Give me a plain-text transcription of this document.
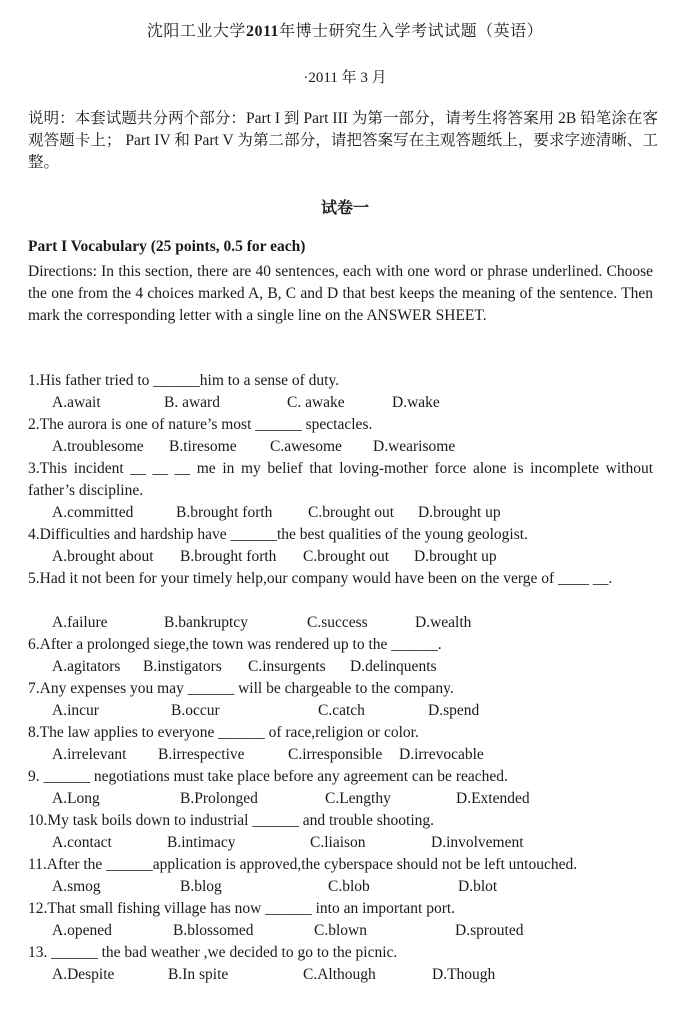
沈阳工业大学2011年博士研究生入学考试试题（英语）
·2011 年 3 月
说明：本套试题共分两个部分：Part I 到 Part III 为第一部分，请考生将答案用 2B 铅笔涂在客观答题卡上； Part IV 和 Part V 为第二部分，请把答案写在主观答题纸上，要求字迹清晰、工整。
试卷一
Part I Vocabulary (25 points, 0.5 for each)
Directions: In this section, there are 40 sentences, each with one word or phrase underlined. Choose the one from the 4 choices marked A, B, C and D that best keeps the meaning of the sentence. Then mark the corresponding letter with a single line on the ANSWER SHEET.
1.His father tried to ______him to a sense of duty.
A.await	B. award	C. awake	D.wake
2.The aurora is one of nature’s most ______ spectacles.
A.troublesome B.tiresome C.awesome D.wearisome
3.This incident __ __ __ me in my belief that loving-mother force alone is incomplete without father’s discipline.
A.committed	B.brought forth C.brought out D.brought up
4.Difficulties and hardship have ______the best qualities of the young geologist.
A.brought about B.brought forth C.brought out D.brought up
5.Had it not been for your timely help,our company would have been on the verge of ____ __.
A.failure	B.bankruptcy	C.success	D.wealth
6.After a prolonged siege,the town was rendered up to the ______.
A.agitators B.instigators C.insurgents D.delinquents
7.Any expenses you may ______ will be chargeable to the company.
A.incur	B.occur	C.catch	D.spend
8.The law applies to everyone ______ of race,religion or color.
A.irrelevant B.irrespective	C.irresponsible D.irrevocable
9. ______ negotiations must take place before any agreement can be reached.
A.Long	B.Prolonged	C.Lengthy	D.Extended
10.My task boils down to industrial ______ and trouble shooting.
A.contact	B.intimacy	C.liaison	D.involvement
11.After the ______application is approved,the cyberspace should not be left untouched.
A.smog	B.blog	C.blob	D.blot
12.That small fishing village has now ______ into an important port.
A.opened	B.blossomed	C.blown	D.sprouted
13. ______ the bad weather ,we decided to go to the picnic.
A.Despite	B.In spite	C.Although	D.Though
